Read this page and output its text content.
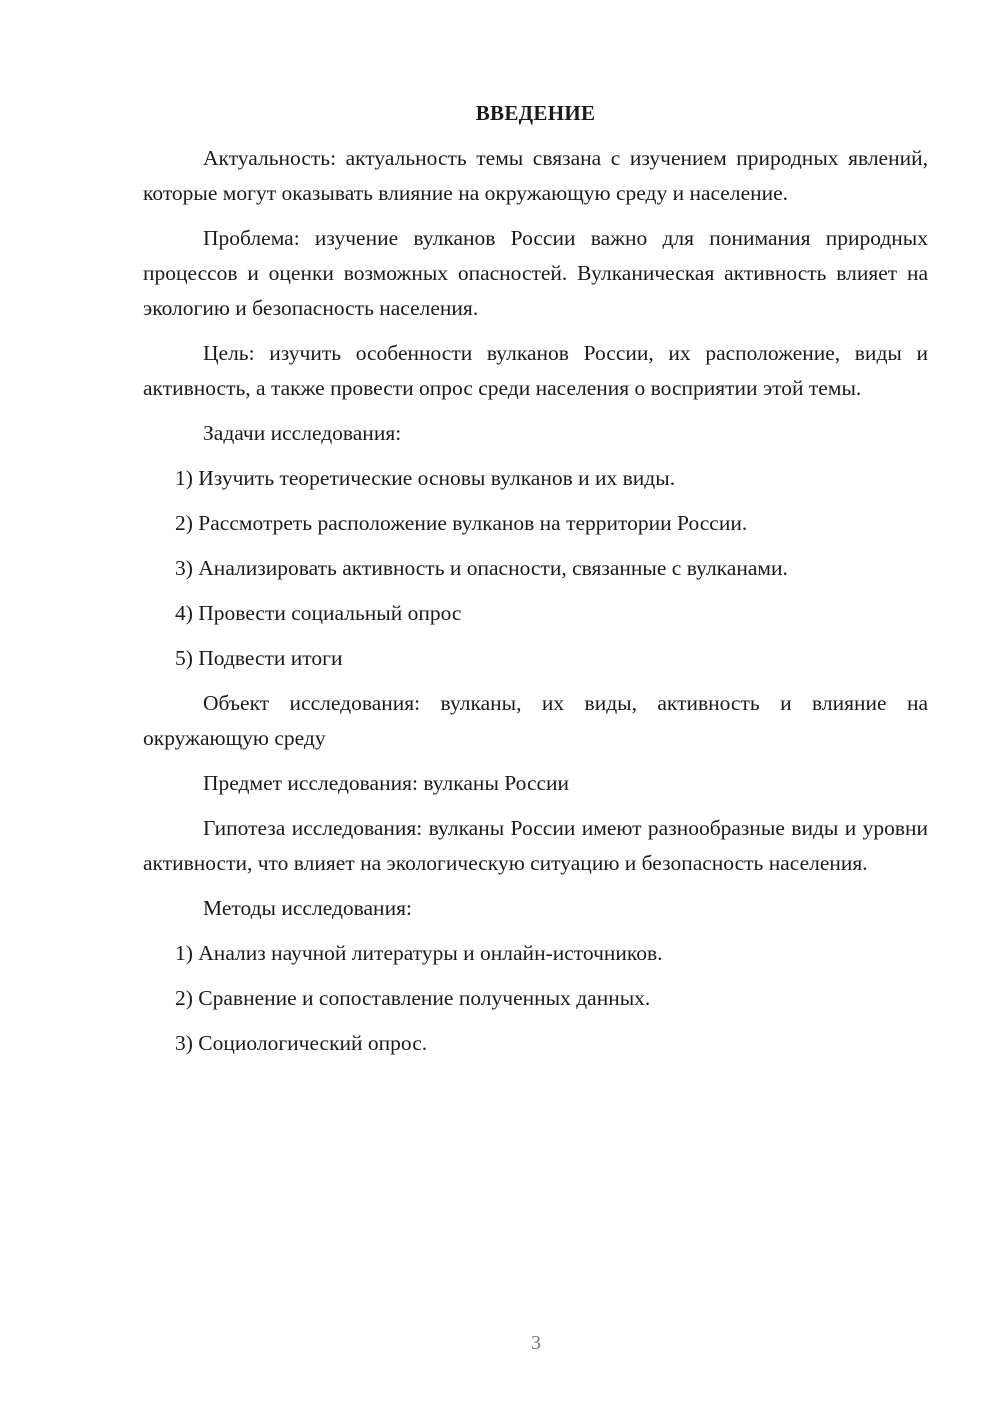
ВВЕДЕНИЕ

Актуальность: актуальность темы связана с изучением природных явлений, которые могут оказывать влияние на окружающую среду и население.

Проблема: изучение вулканов России важно для понимания природных процессов и оценки возможных опасностей. Вулканическая активность влияет на экологию и безопасность населения.

Цель: изучить особенности вулканов России, их расположение, виды и активность, а также провести опрос среди населения о восприятии этой темы.

Задачи исследования:

1) Изучить теоретические основы вулканов и их виды.
2) Рассмотреть расположение вулканов на территории России.
3) Анализировать активность и опасности, связанные с вулканами.
4) Провести социальный опрос
5) Подвести итоги

Объект исследования: вулканы, их виды, активность и влияние на окружающую среду

Предмет исследования: вулканы России

Гипотеза исследования: вулканы России имеют разнообразные виды и уровни активности, что влияет на экологическую ситуацию и безопасность населения.

Методы исследования:

1) Анализ научной литературы и онлайн-источников.
2) Сравнение и сопоставление полученных данных.
3) Социологический опрос.
3
